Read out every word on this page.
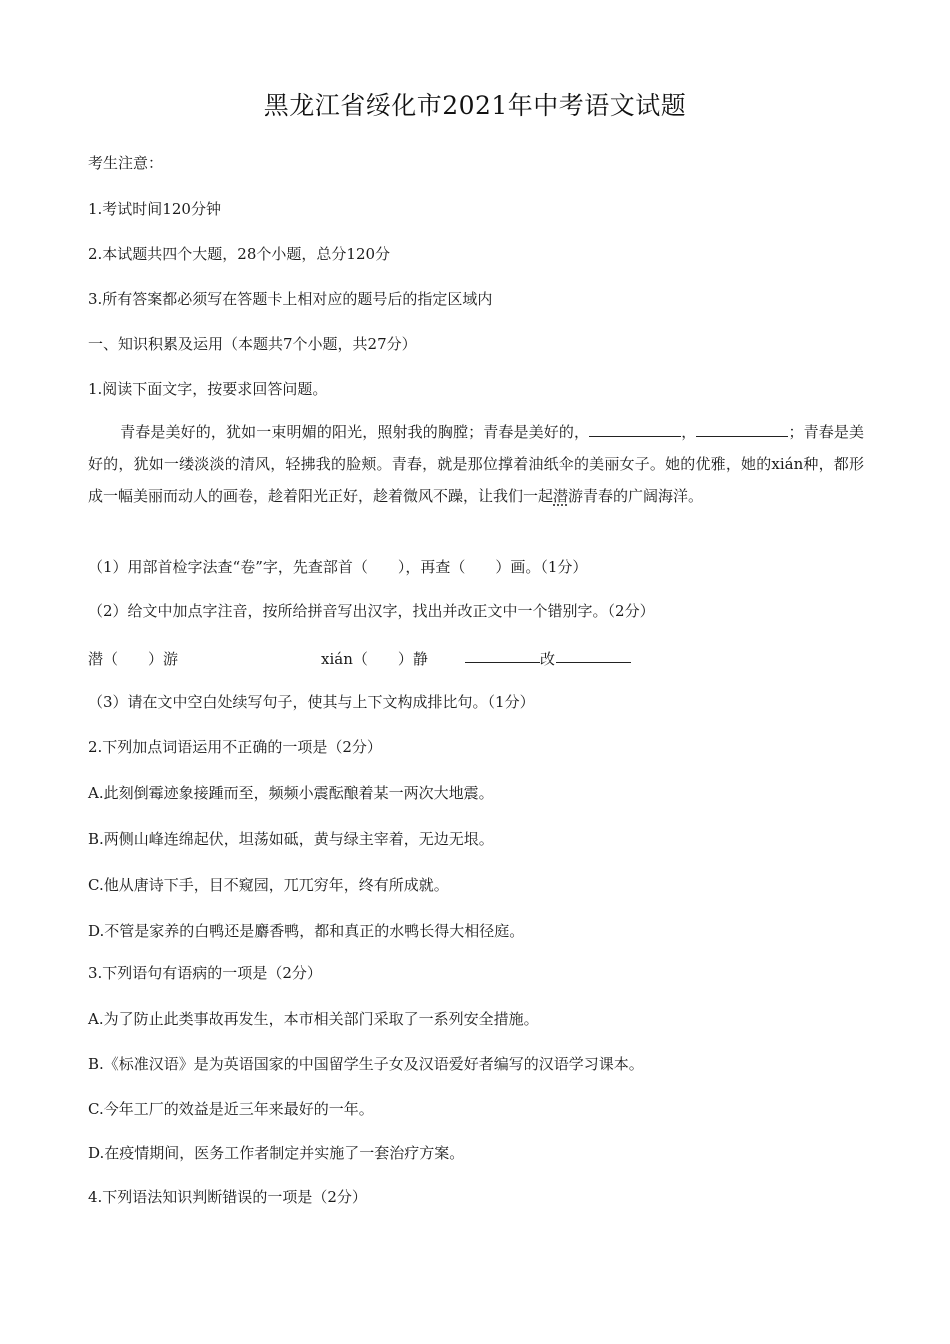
黑龙江省绥化市2021年中考语文试题
考生注意：
1.考试时间120分钟
2.本试题共四个大题，28个小题，总分120分
3.所有答案都必须写在答题卡上相对应的题号后的指定区域内
一、知识积累及运用（本题共7个小题，共27分）
1.阅读下面文字，按要求回答问题。
青春是美好的，犹如一束明媚的阳光，照射我的胸膛；青春是美好的，	，	；青春是美好的，犹如一缕淡淡的清风，轻拂我的脸颊。青春，就是那位撑着油纸伞的美丽女子。她的优雅，她的xián种，都形成一幅美丽而动人的画卷，趁着阳光正好，趁着微风不躁，让我们一起潜游青春的广阔海洋。
（1）用部首检字法查“卷”字，先查部首（　　），再查（　　）画。（1分）
（2）给文中加点字注音，按所给拼音写出汉字，找出并改正文中一个错别字。（2分）
潜（　　）游	xián（　　）静	改
（3）请在文中空白处续写句子，使其与上下文构成排比句。（1分）
2.下列加点词语运用不正确的一项是（2分）
A.此刻倒霉迹象接踵而至，频频小震酝酿着某一两次大地震。
B.两侧山峰连绵起伏，坦荡如砥，黄与绿主宰着，无边无垠。
C.他从唐诗下手，目不窥园，兀兀穷年，终有所成就。
D.不管是家养的白鸭还是麝香鸭，都和真正的水鸭长得大相径庭。
3.下列语句有语病的一项是（2分）
A.为了防止此类事故再发生，本市相关部门采取了一系列安全措施。
B.《标准汉语》是为英语国家的中国留学生子女及汉语爱好者编写的汉语学习课本。
C.今年工厂的效益是近三年来最好的一年。
D.在疫情期间，医务工作者制定并实施了一套治疗方案。
4.下列语法知识判断错误的一项是（2分）
